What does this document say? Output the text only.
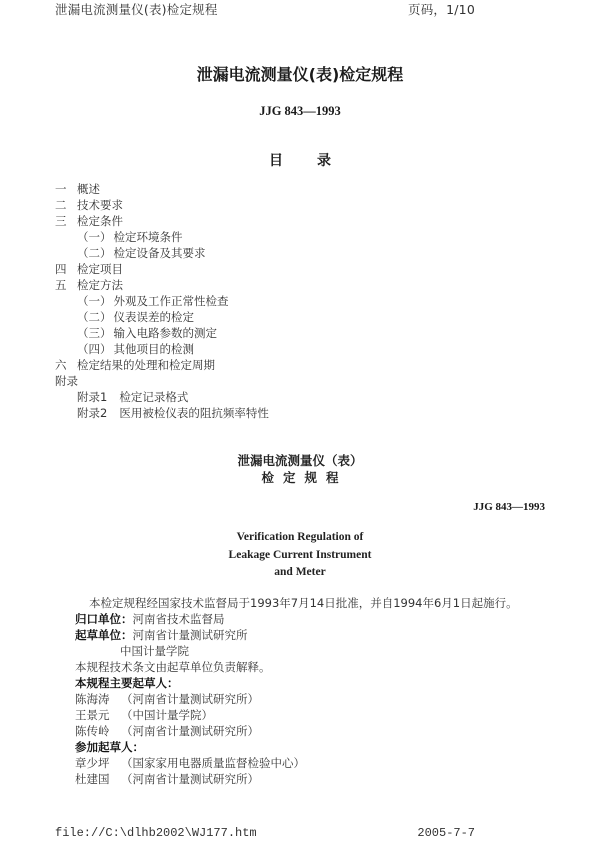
泄漏电流测量仪(表)检定规程	页码，1/10
泄漏电流测量仪(表)检定规程
JJG 843—1993
目 录
一 概述
二 技术要求
三 检定条件
（一） 检定环境条件
（二） 检定设备及其要求
四 检定项目
五 检定方法
（一） 外观及工作正常性检查
（二） 仪表误差的检定
（三） 输入电路参数的测定
（四） 其他项目的检测
六 检定结果的处理和检定周期
附录
附录1 检定记录格式
附录2 医用被检仪表的阻抗频率特性
泄漏电流测量仪（表）
检定规程
JJG 843—1993
Verification Regulation of
Leakage Current Instrument
and Meter
本检定规程经国家技术监督局于1993年7月14日批准，并自1994年6月1日起施行。
归口单位：河南省技术监督局
起草单位：河南省计量测试研究所
中国计量学院
本规程技术条文由起草单位负责解释。
本规程主要起草人：
陈海涛 （河南省计量测试研究所）
王景元 （中国计量学院）
陈传岭 （河南省计量测试研究所）
参加起草人：
章少坪 （国家家用电器质量监督检验中心）
杜建国 （河南省计量测试研究所）
file://C:\dlhb2002\WJ177.htm	2005-7-7
